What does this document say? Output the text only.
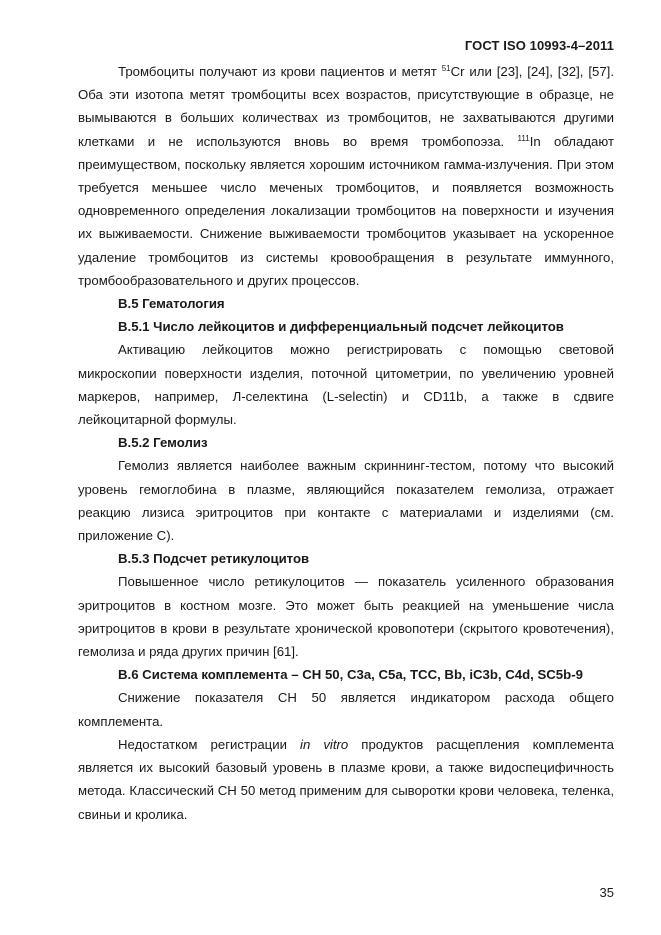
ГОСТ ISO 10993-4–2011

Тромбоциты получают из крови пациентов и метят $^{51}$Cr или [23], [24], [32], [57]. Оба эти изотопа метят тромбоциты всех возрастов, присутствующие в образце, не вымываются в больших количествах из тромбоцитов, не захватываются другими клетками и не используются вновь во время тромбопоэза. $^{111}$In обладают преимуществом, поскольку является хорошим источником гамма-излучения. При этом требуется меньшее число меченых тромбоцитов, и появляется возможность одновременного определения локализации тромбоцитов на поверхности и изучения их выживаемости. Снижение выживаемости тромбоцитов указывает на ускоренное удаление тромбоцитов из системы кровообращения в результате иммунного, тромбообразовательного и других процессов.

В.5 Гематология

В.5.1 Число лейкоцитов и дифференциальный подсчет лейкоцитов

Активацию лейкоцитов можно регистрировать с помощью световой микроскопии поверхности изделия, поточной цитометрии, по увеличению уровней маркеров, например, Л-селектина (L-selectin) и CD11b, а также в сдвиге лейкоцитарной формулы.

В.5.2 Гемолиз

Гемолиз является наиболее важным скриннинг-тестом, потому что высокий уровень гемоглобина в плазме, являющийся показателем гемолиза, отражает реакцию лизиса эритроцитов при контакте с материалами и изделиями (см. приложение С).

В.5.3 Подсчет ретикулоцитов

Повышенное число ретикулоцитов — показатель усиленного образования эритроцитов в костном мозге. Это может быть реакцией на уменьшение числа эритроцитов в крови в результате хронической кровопотери (скрытого кровотечения), гемолиза и ряда других причин [61].

В.6 Система комплемента – CH 50, C3a, C5a, TCC, Bb, iC3b, C4d, SC5b-9

Снижение показателя CH 50 является индикатором расхода общего комплемента.

Недостатком регистрации in vitro продуктов расщепления комплемента является их высокий базовый уровень в плазме крови, а также видоспецифичность метода. Классический CH 50 метод применим для сыворотки крови человека, теленка, свиньи и кролика.

35
